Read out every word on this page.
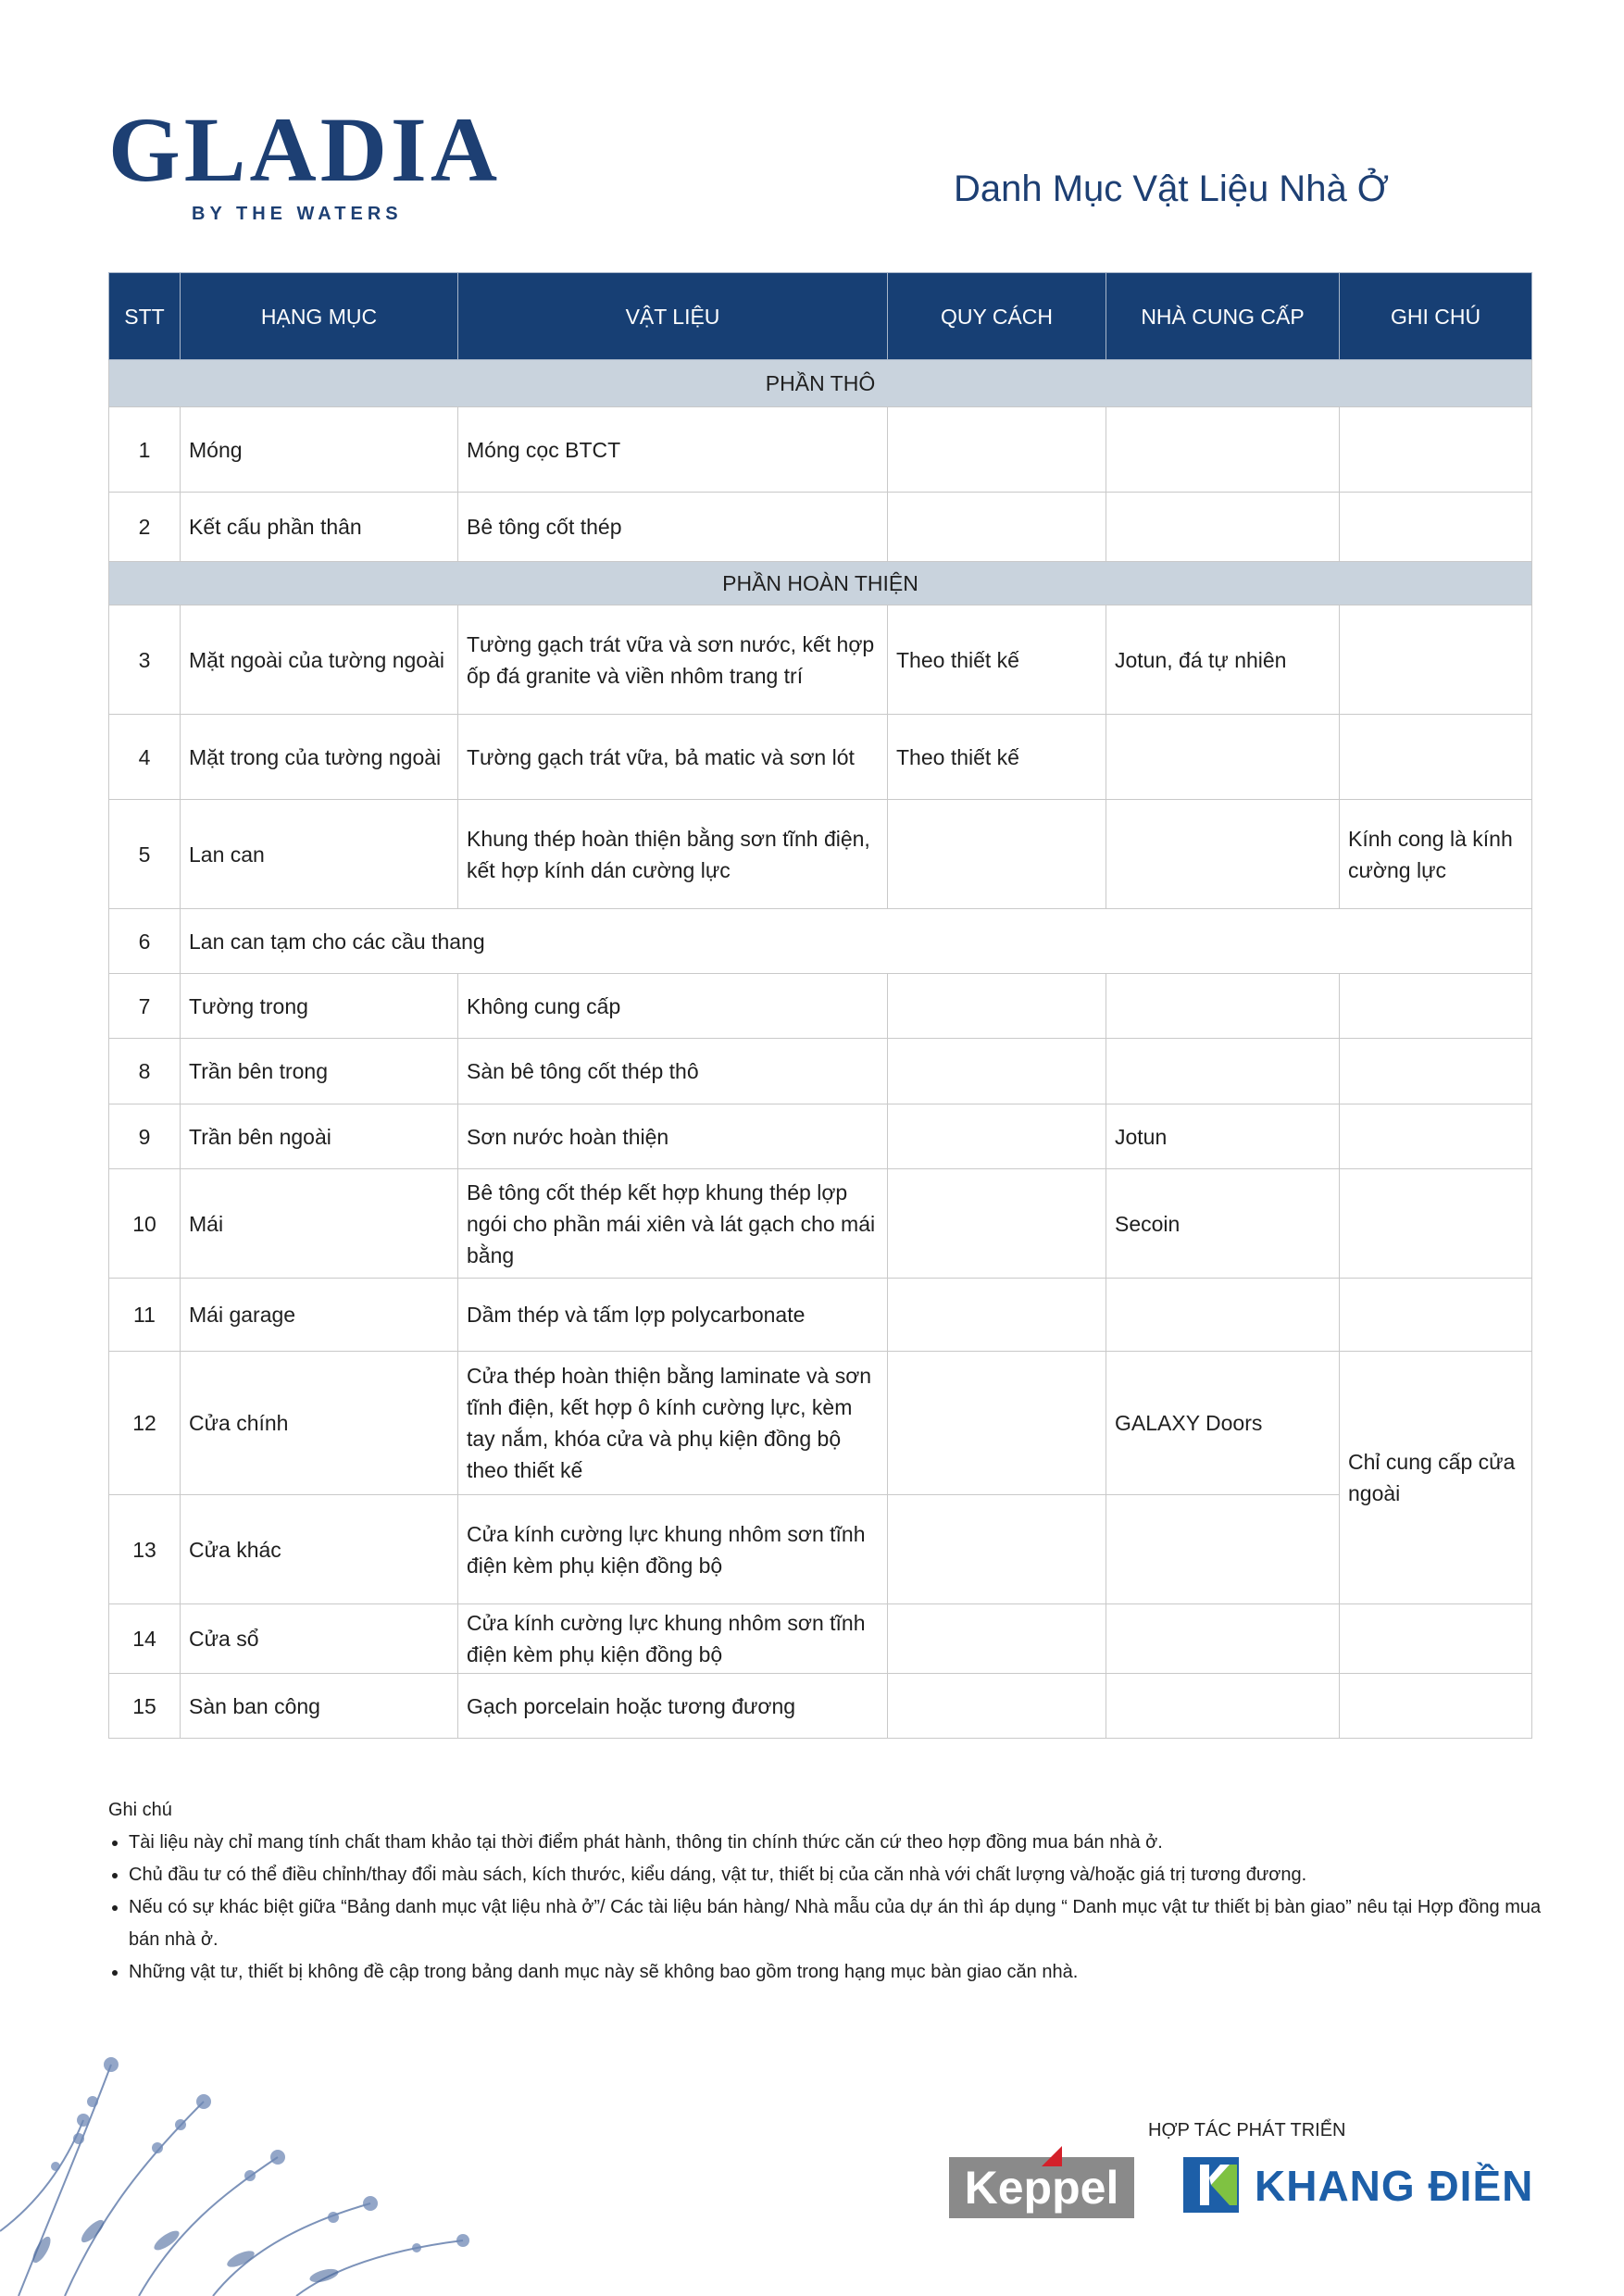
GLADIA
BY THE WATERS
Danh Mục Vật Liệu Nhà Ở
STT	HẠNG MỤC	VẬT LIỆU	QUY CÁCH	NHÀ CUNG CẤP	GHI CHÚ
PHẦN THÔ					
1	Móng	Móng cọc BTCT			
2	Kết cấu phần thân	Bê tông cốt thép			
PHẦN HOÀN THIỆN					
3	Mặt ngoài của tường ngoài	Tường gạch trát vữa và sơn nước, kết hợp ốp đá granite và viền nhôm trang trí	Theo thiết kế	Jotun, đá tự nhiên	
4	Mặt trong của tường ngoài	Tường gạch trát vữa, bả matic và sơn lót	Theo thiết kế		
5	Lan can	Khung thép hoàn thiện bằng sơn tĩnh điện, kết hợp kính dán cường lực			Kính cong là kính cường lực
6	Lan can tạm cho các cầu thang				
7	Tường trong	Không cung cấp			
8	Trần bên trong	Sàn bê tông cốt thép thô			
9	Trần bên ngoài	Sơn nước hoàn thiện		Jotun	
10	Mái	Bê tông cốt thép kết hợp khung thép lợp ngói cho phần mái xiên và lát gạch cho mái bằng		Secoin	
11	Mái garage	Dầm thép và tấm lợp polycarbonate			
12	Cửa chính	Cửa thép hoàn thiện bằng laminate và sơn tĩnh điện, kết hợp ô kính cường lực, kèm tay nắm, khóa cửa và phụ kiện đồng bộ theo thiết kế		GALAXY Doors	Chỉ cung cấp cửa ngoài
13	Cửa khác	Cửa kính cường lực khung nhôm sơn tĩnh điện kèm phụ kiện đồng bộ			
14	Cửa sổ	Cửa kính cường lực khung nhôm sơn tĩnh điện kèm phụ kiện đồng bộ			
15	Sàn ban công	Gạch porcelain hoặc tương đương			
Ghi chú
• Tài liệu này chỉ mang tính chất tham khảo tại thời điểm phát hành, thông tin chính thức căn cứ theo hợp đồng mua bán nhà ở.
• Chủ đầu tư có thể điều chỉnh/thay đổi màu sách, kích thước, kiểu dáng, vật tư, thiết bị của căn nhà với chất lượng và/hoặc giá trị tương đương.
• Nếu có sự khác biệt giữa “Bảng danh mục vật liệu nhà ở”/ Các tài liệu bán hàng/ Nhà mẫu của dự án thì áp dụng “ Danh mục vật tư thiết bị bàn giao” nêu tại Hợp đồng mua bán nhà ở.
• Những vật tư, thiết bị không đề cập trong bảng danh mục này sẽ không bao gồm trong hạng mục bàn giao căn nhà.
HỢP TÁC PHÁT TRIỂN
Keppel	KHANG ĐIỀN
